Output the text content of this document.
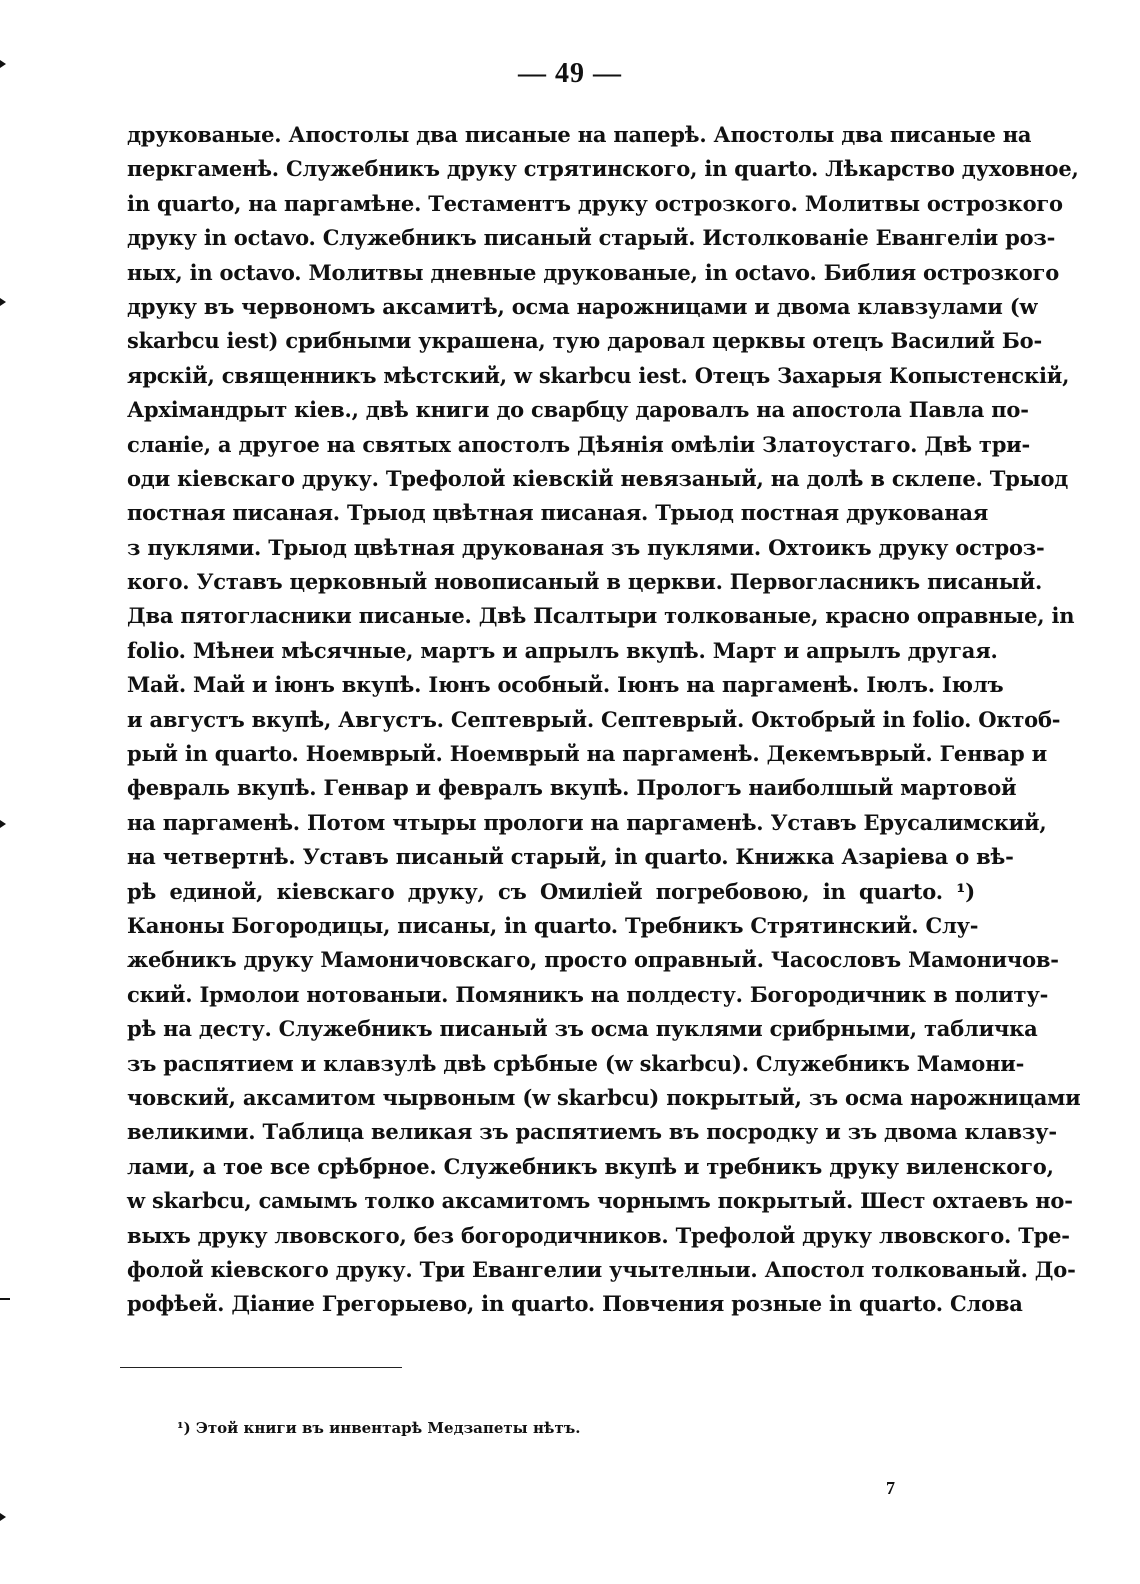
— 49 —
друкованые. Апостолы два писаные на паперѣ. Апостолы два писаные на
перкгаменѣ. Служебникъ друку стрятинского, in quarto. Лѣкарство духовное,
in quarto, на паргамѣне. Тестаментъ друку острозкого. Молитвы острозкого
друку in octavo. Служебникъ писаный старый. Истолкованіе Евангеліи роз-
ных, in octavo. Молитвы дневные друкованые, in octavo. Библия острозкого
друку въ червономъ аксамитѣ, осма нарожницами и двома клавзулами (w
skarbcu iest) срибными украшена, тую даровал церквы отецъ Василий Бо-
ярскій, священникъ мѣстский, w skarbcu iest. Отецъ Захарыя Копыстенскій,
Архімандрыт кіев., двѣ книги до сварбцу даровалъ на апостола Павла по-
сланіе, а другое на святых апостолъ Дѣянія омѣліи Златоустаго. Двѣ три-
оди кіевскаго друку. Трефолой кіевскій невязаный, на долѣ в склепе. Трыод
постная писаная. Трыод цвѣтная писаная. Трыод постная друкованая
з пуклями. Трыод цвѣтная друкованая зъ пуклями. Охтоикъ друку остроз-
кого. Уставъ церковный новописаный в церкви. Первогласникъ писаный.
Два пятогласники писаные. Двѣ Псалтыри толкованые, красно оправные, in
folio. Мѣнеи мѣсячные, мартъ и апрылъ вкупѣ. Март и апрылъ другая.
Май. Май и іюнъ вкупѣ. Іюнъ особный. Іюнъ на паргаменѣ. Іюлъ. Іюлъ
и августъ вкупѣ, Августъ. Септеврый. Септеврый. Октобрый in folio. Октоб-
рый in quarto. Ноемврый. Ноемврый на паргаменѣ. Декемъврый. Генвар и
февраль вкупѣ. Генвар и февралъ вкупѣ. Прологъ наиболшый мартовой
на паргаменѣ. Потом чтыры прологи на паргаменѣ. Уставъ Ерусалимский,
на четвертнѣ. Уставъ писаный старый, in quarto. Книжка Азаріева о вѣ-
рѣ единой, кіевскаго друку, съ Омиліей погребовою, in quarto. ¹)
Каноны Богородицы, писаны, in quarto. Требникъ Стрятинский. Слу-
жебникъ друку Мамоничовскаго, просто оправный. Часословъ Мамоничов-
ский. Ірмолои нотованыи. Помяникъ на полдесту. Богородичник в политу-
рѣ на десту. Служебникъ писаный зъ осма пуклями срибрными, табличка
зъ распятием и клавзулѣ двѣ срѣбные (w skarbcu). Служебникъ Мамони-
човский, аксамитом чырвоным (w skarbcu) покрытый, зъ осма нарожницами
великими. Таблица великая зъ распятиемъ въ посродку и зъ двома клавзу-
лами, а тое все срѣбрное. Служебникъ вкупѣ и требникъ друку виленского,
w skarbcu, самымъ толко аксамитомъ чорнымъ покрытый. Шест охтаевъ но-
выхъ друку лвовского, без богородичников. Трефолой друку лвовского. Тре-
фолой кіевского друку. Три Евангелии учытелныи. Апостол толкованый. До-
рофѣей. Діание Грегорыево, in quarto. Повчения розные in quarto. Слова
¹) Этой книги въ инвентарѣ Медзапеты нѣтъ.
7
